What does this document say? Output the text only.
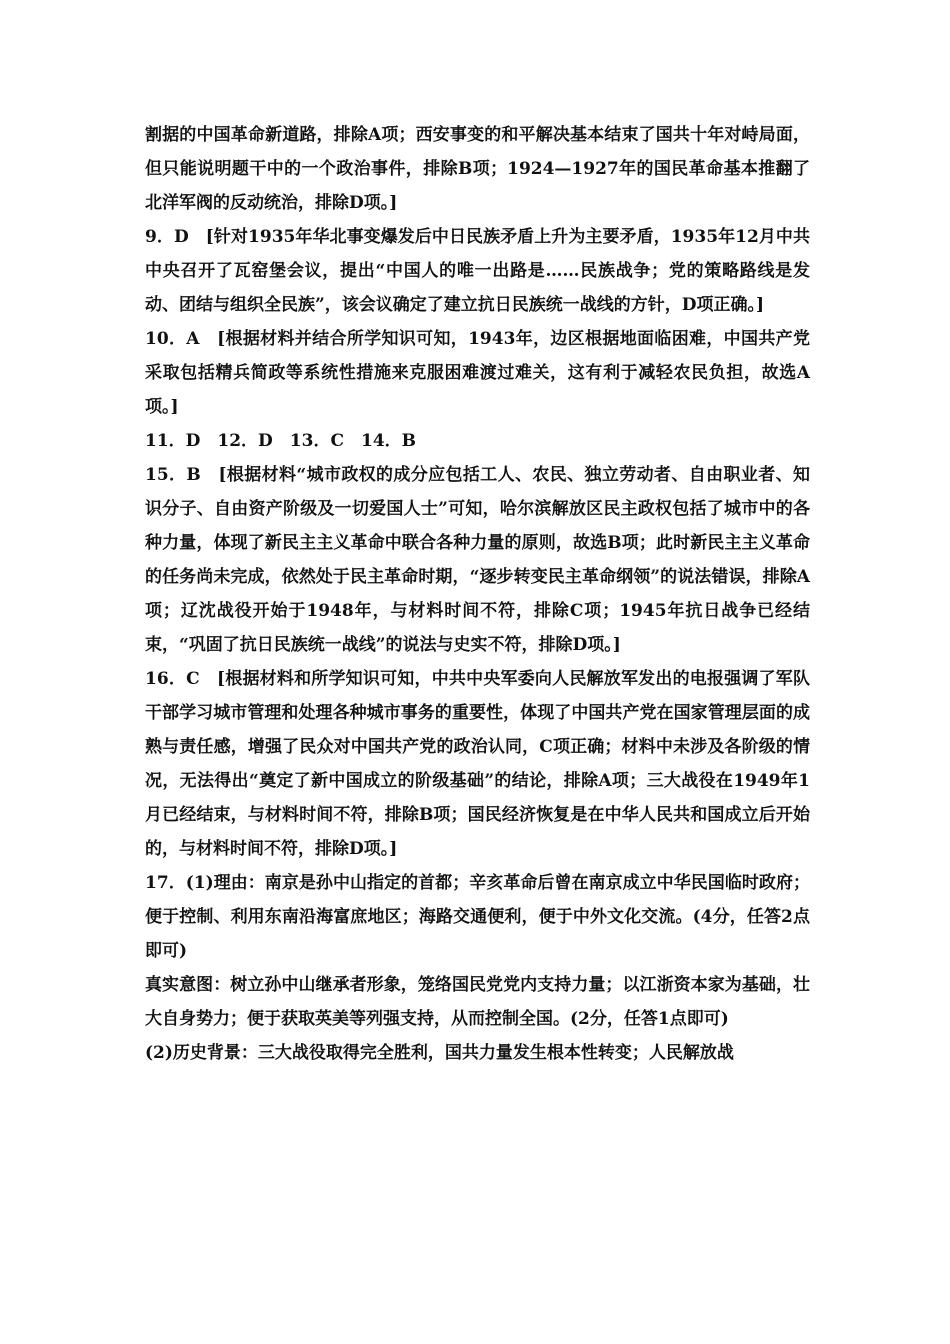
割据的中国革命新道路，排除A项；西安事变的和平解决基本结束了国共十年对峙局面，但只能说明题干中的一个政治事件，排除B项；1924—1927年的国民革命基本推翻了北洋军阀的反动统治，排除D项。]

9．D　[针对1935年华北事变爆发后中日民族矛盾上升为主要矛盾，1935年12月中共中央召开了瓦窑堡会议，提出“中国人的唯一出路是……民族战争；党的策略路线是发动、团结与组织全民族”，该会议确定了建立抗日民族统一战线的方针，D项正确。]

10．A　[根据材料并结合所学知识可知，1943年，边区根据地面临困难，中国共产党采取包括精兵简政等系统性措施来克服困难渡过难关，这有利于减轻农民负担，故选A项。]

11．D　12．D　13．C　14．B

15．B　[根据材料“城市政权的成分应包括工人、农民、独立劳动者、自由职业者、知识分子、自由资产阶级及一切爱国人士”可知，哈尔滨解放区民主政权包括了城市中的各种力量，体现了新民主主义革命中联合各种力量的原则，故选B项；此时新民主主义革命的任务尚未完成，依然处于民主革命时期，“逐步转变民主革命纲领”的说法错误，排除A项；辽沈战役开始于1948年，与材料时间不符，排除C项；1945年抗日战争已经结束，“巩固了抗日民族统一战线”的说法与史实不符，排除D项。]

16．C　[根据材料和所学知识可知，中共中央军委向人民解放军发出的电报强调了军队干部学习城市管理和处理各种城市事务的重要性，体现了中国共产党在国家管理层面的成熟与责任感，增强了民众对中国共产党的政治认同，C项正确；材料中未涉及各阶级的情况，无法得出“奠定了新中国成立的阶级基础”的结论，排除A项；三大战役在1949年1月已经结束，与材料时间不符，排除B项；国民经济恢复是在中华人民共和国成立后开始的，与材料时间不符，排除D项。]

17．(1)理由：南京是孙中山指定的首都；辛亥革命后曾在南京成立中华民国临时政府；便于控制、利用东南沿海富庶地区；海路交通便利，便于中外文化交流。(4分，任答2点即可)

真实意图：树立孙中山继承者形象，笼络国民党党内支持力量；以江浙资本家为基础，壮大自身势力；便于获取英美等列强支持，从而控制全国。(2分，任答1点即可)

(2)历史背景：三大战役取得完全胜利，国共力量发生根本性转变；人民解放战
